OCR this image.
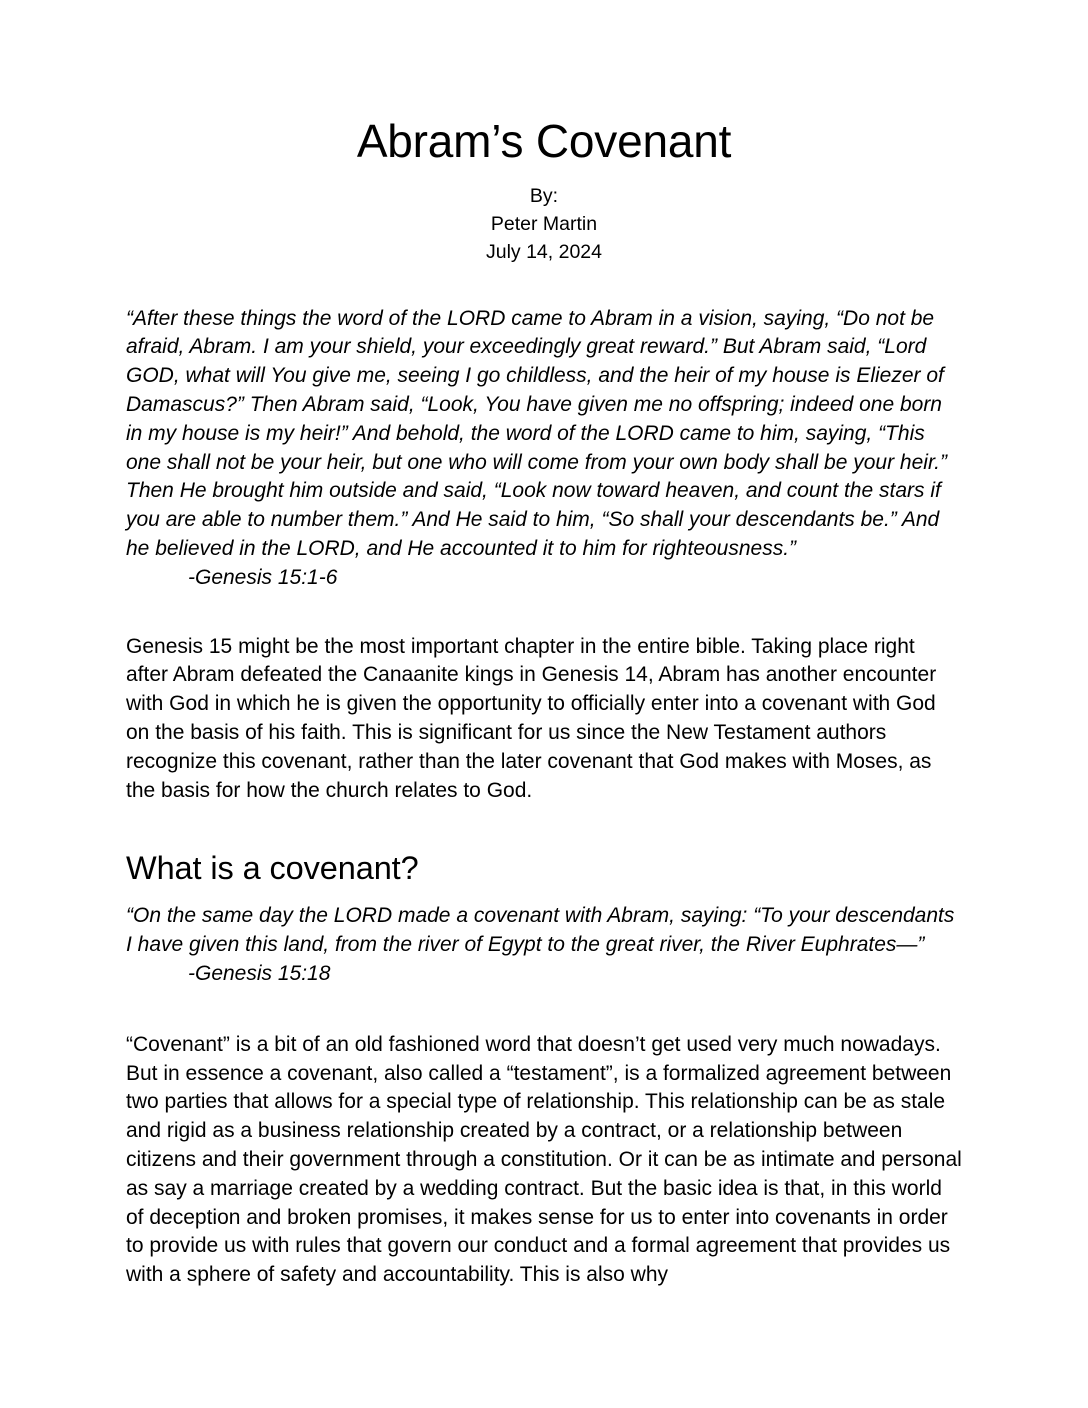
Abram’s Covenant
By:
Peter Martin
July 14, 2024

“After these things the word of the LORD came to Abram in a vision, saying, “Do not be afraid, Abram. I am your shield, your exceedingly great reward.” But Abram said, “Lord GOD, what will You give me, seeing I go childless, and the heir of my house is Eliezer of Damascus?” Then Abram said, “Look, You have given me no offspring; indeed one born in my house is my heir!” And behold, the word of the LORD came to him, saying, “This one shall not be your heir, but one who will come from your own body shall be your heir.” Then He brought him outside and said, “Look now toward heaven, and count the stars if you are able to number them.” And He said to him, “So shall your descendants be.” And he believed in the LORD, and He accounted it to him for righteousness.”

-Genesis 15:1-6

Genesis 15 might be the most important chapter in the entire bible. Taking place right after Abram defeated the Canaanite kings in Genesis 14, Abram has another encounter with God in which he is given the opportunity to officially enter into a covenant with God on the basis of his faith. This is significant for us since the New Testament authors recognize this covenant, rather than the later covenant that God makes with Moses, as the basis for how the church relates to God.

What is a covenant?

“On the same day the LORD made a covenant with Abram, saying: “To your descendants I have given this land, from the river of Egypt to the great river, the River Euphrates—”

-Genesis 15:18

“Covenant” is a bit of an old fashioned word that doesn’t get used very much nowadays. But in essence a covenant, also called a “testament”, is a formalized agreement between two parties that allows for a special type of relationship. This relationship can be as stale and rigid as a business relationship created by a contract, or a relationship between citizens and their government through a constitution. Or it can be as intimate and personal as say a marriage created by a wedding contract. But the basic idea is that, in this world of deception and broken promises, it makes sense for us to enter into covenants in order to provide us with rules that govern our conduct and a formal agreement that provides us with a sphere of safety and accountability. This is also why
